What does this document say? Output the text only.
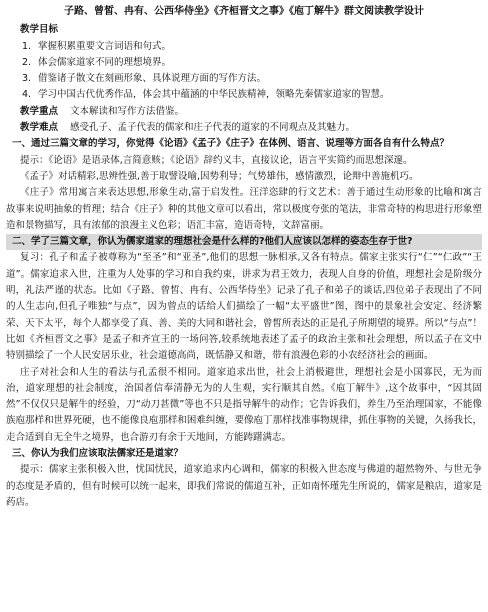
子路、曾皙、冉有、公西华侍坐》《齐桓晋文之事》《庖丁解牛》群文阅读教学设计
教学目标
1. 掌握积累重要文言词语和句式。
2. 体会儒家道家不同的理想境界。
3. 借鉴诸子散文在刻画形象、具体说理方面的写作方法。
4. 学习中国古代优秀作品，体会其中蕴涵的中华民族精神，领略先秦儒家道家的智慧。
教学重点 文本解读和写作方法借鉴。
教学难点 感受孔子、孟子代表的儒家和庄子代表的道家的不同观点及其魅力。
一、通过三篇文章的学习，你觉得《论语》《孟子》《庄子》在体例、语言、说理等方面各自有什么特点？
提示：《论语》是语录体,言简意赅；《论语》辞约义丰，直接议论，语言平实简约而思想深邃。
《孟子》对话精彩,思辨性强,善于取譬设喻,因势利导；气势雄伟，感情激烈，论辩中善施机巧。
《庄子》常用寓言来表达思想,形象生动,富于启发性。汪洋恣肆的行文艺术：善于通过生动形象的比喻和寓言故事来说明抽象的哲理；结合《庄子》种的其他文章可以看出，常以极度夸张的笔法，非常奇特的构思进行形象塑造和景物描写，具有浓郁的浪漫主义色彩；语汇丰富，造语奇特，文辞富丽。
二、学了三篇文章，你认为儒家道家的理想社会是什么样的?他们人应该以怎样的姿态生存于世?
复习：孔子和孟子被尊称为“至圣”和“亚圣”,他们的思想一脉相承,又各有特点。儒家主张实行“仁”“仁政”“王道”。儒家追求入世，注重为人处事的学习和自我约束，讲求为君王效力，表现人自身的价值，理想社会是阶级分明，礼法严谨的状态。比如《子路、曾皙、冉有、公西华侍坐》记录了孔子和弟子的谈话,四位弟子表现出了不同的人生志向,但孔子唯独“与点”，因为曾点的话给人们描绘了一幅“太平盛世”图，图中的景象社会安定、经济繁荣、天下太平，每个人都享受了真、善、美的大同和谐社会，曾皙所表达的正是孔子所期望的境界。所以“与点”！比如《齐桓晋文之事》是孟子和齐宣王的一场问答,较系统地表述了孟子的政治主张和社会理想，所以孟子在文中特别描绘了一个人民安居乐业，社会道德高尚，既恬静又和谐，带有浪漫色彩的小农经济社会的画面。
庄子对社会和人生的看法与孔孟很不相同。道家追求出世，社会上消极避世，理想社会是小国寡民，无为而治，道家理想的社会制度，治国者信奉清静无为的人生观，实行顺其自然。《庖丁解牛》,这个故事中，“因其固然”不仅仅只是解牛的经验，刀“动刀甚微”等也不只是指导解牛的动作；它告诉我们，养生乃至治理国家，不能像族庖那样和世界死硬，也不能像良庖那样和困难纠缠，要像庖丁那样找准事物规律，抓住事物的关键，久扬我长，走合适到自无全牛之境界，也合游刃有余于天地间，方能踌躇满志。
三、你认为我们应该取法儒家还是道家？
提示：儒家主张积极入世，忧国忧民，道家追求内心调和，儒家的积极入世态度与佛道的超然物外、与世无争的态度是矛盾的，但有时候可以统一起来，即我们常说的儒道互补，正如南怀瑾先生所说的，儒家是粮店，道家是药店。
